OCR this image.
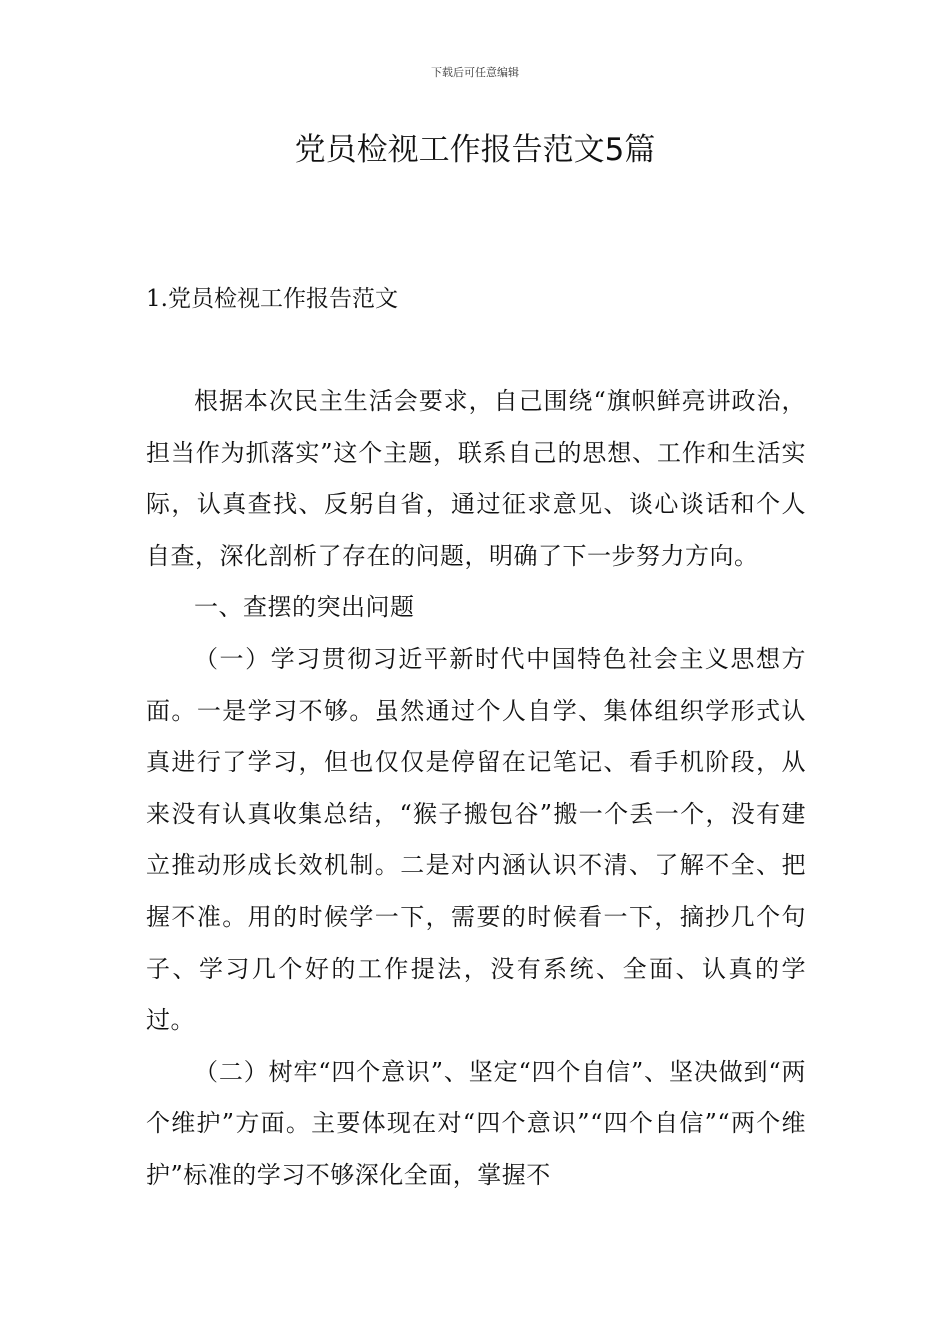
下载后可任意编辑
党员检视工作报告范文5篇
1.党员检视工作报告范文

根据本次民主生活会要求，自己围绕“旗帜鲜亮讲政治，担当作为抓落实”这个主题，联系自己的思想、工作和生活实际，认真查找、反躬自省，通过征求意见、谈心谈话和个人自查，深化剖析了存在的问题，明确了下一步努力方向。

一、查摆的突出问题

（一）学习贯彻习近平新时代中国特色社会主义思想方面。一是学习不够。虽然通过个人自学、集体组织学形式认真进行了学习，但也仅仅是停留在记笔记、看手机阶段，从来没有认真收集总结，“猴子搬包谷”搬一个丢一个，没有建立推动形成长效机制。二是对内涵认识不清、了解不全、把握不准。用的时候学一下，需要的时候看一下，摘抄几个句子、学习几个好的工作提法，没有系统、全面、认真的学过。

（二）树牢“四个意识”、坚定“四个自信”、坚决做到“两个维护”方面。主要体现在对“四个意识”“四个自信”“两个维护”标准的学习不够深化全面，掌握不
